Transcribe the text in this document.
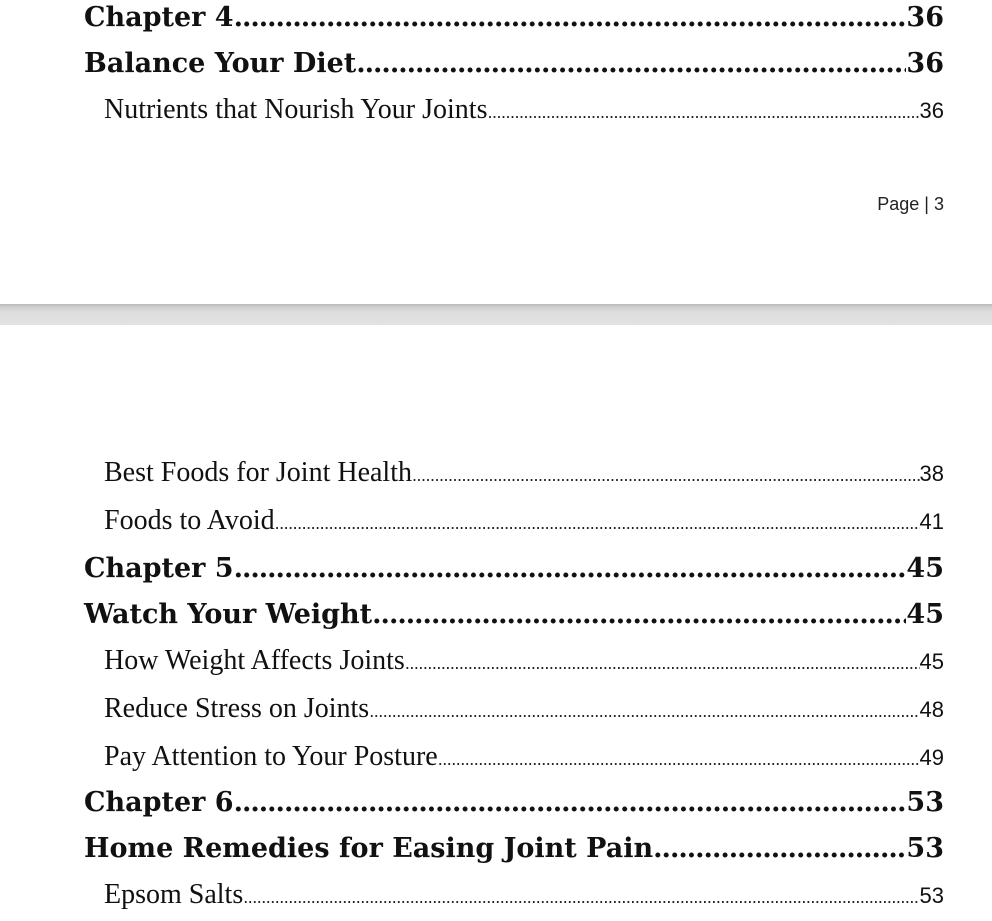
Chapter 4 .....	36
Balance Your Diet .....	36
Nutrients that Nourish Your Joints .....	36
Page | 3
Best Foods for Joint Health .....	38
Foods to Avoid .....	41
Chapter 5 .....	45
Watch Your Weight .....	45
How Weight Affects Joints .....	45
Reduce Stress on Joints .....	48
Pay Attention to Your Posture .....	49
Chapter 6 .....	53
Home Remedies for Easing Joint Pain .....	53
Epsom Salts .....	53
